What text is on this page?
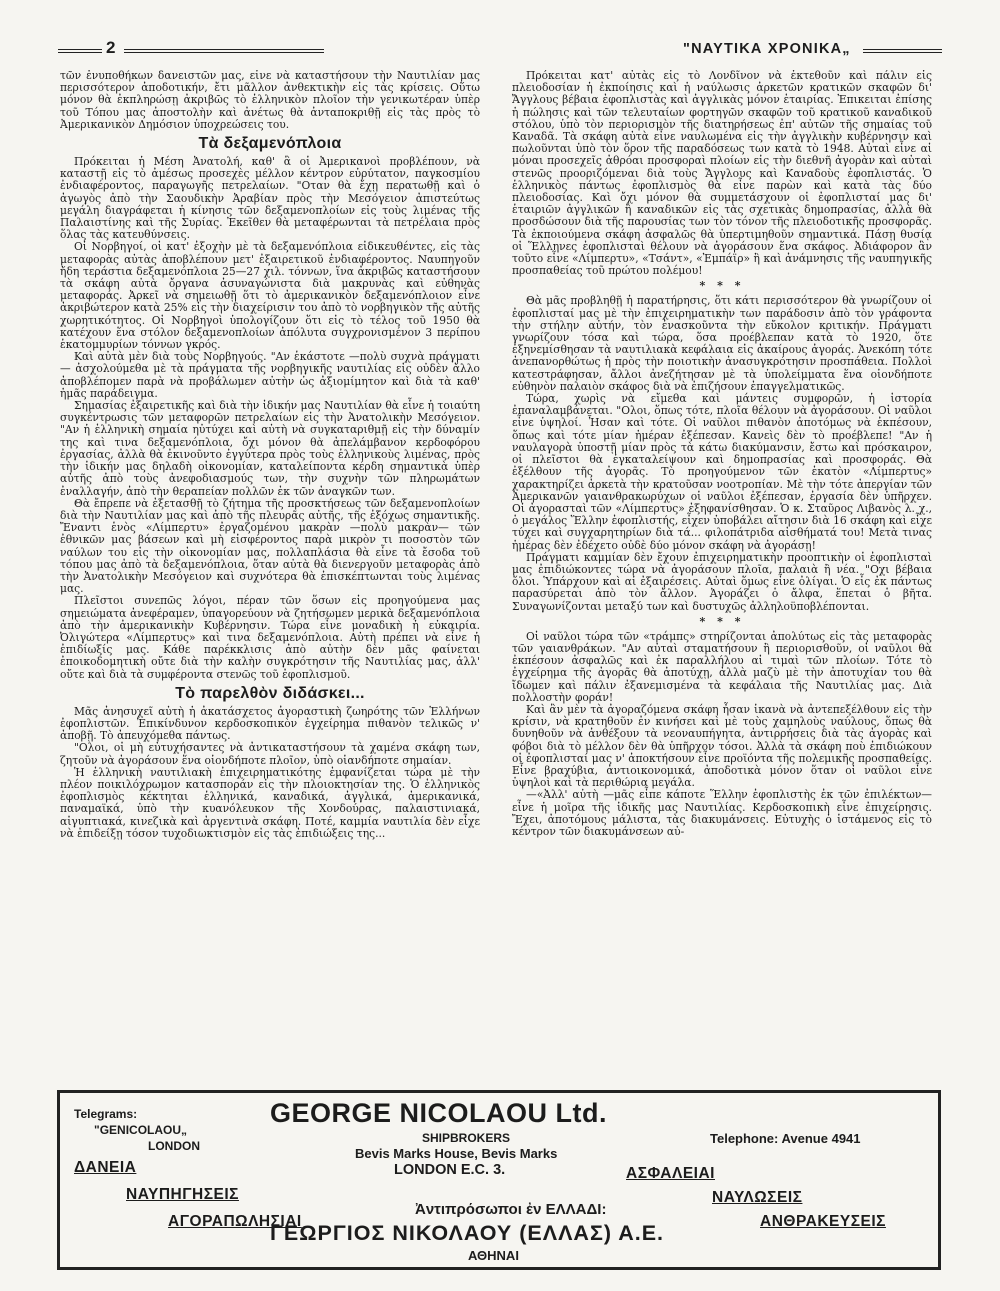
2	"ΝΑΥΤΙΚΑ ΧΡΟΝΙΚΑ„

τῶν ἐνυποθήκων δανειστῶν μας, εἶνε νὰ καταστήσουν τὴν Ναυτιλίαν μας περισσότερον ἀποδοτικήν, ἔτι μᾶλλον ἀνθεκτικὴν εἰς τὰς κρίσεις. Οὕτω μόνον θὰ ἐκπληρώσῃ ἀκριβῶς τὸ ἑλληνικὸν πλοῖον τὴν γενικωτέραν ὑπὲρ τοῦ Τόπου μας ἀποστολὴν καὶ ἀνέτως θὰ ἀνταποκριθῇ εἰς τὰς πρὸς τὸ Ἀμερικανικὸν Δημόσιον ὑποχρεώσεις του.

Τὰ δεξαμενόπλοια

Πρόκειται ἡ Μέση Ἀνατολή, καθ' ἃ οἱ Ἀμερικανοὶ προβλέπουν, νὰ καταστῇ εἰς τὸ ἀμέσως προσεχὲς μέλλον κέντρον εὐρύτατον, παγκοσμίου ἐνδιαφέροντος, παραγωγῆς πετρελαίων. "Οταν θὰ ἔχῃ περατωθῇ καὶ ὁ ἀγωγὸς ἀπὸ τὴν Σαουδικὴν Ἀραβίαν πρὸς τὴν Μεσόγειον ἀπιστεύτως μεγάλη διαγράφεται ἡ κίνησις τῶν δεξαμενοπλοίων εἰς τοὺς λιμένας τῆς Παλαιστίνης καὶ τῆς Συρίας. Ἐκεῖθεν θὰ μεταφέρωνται τὰ πετρέλαια πρὸς ὅλας τὰς κατευθύνσεις.

Οἱ Νορβηγοί, οἱ κατ' ἐξοχὴν μὲ τὰ δεξαμενόπλοια εἰδικευθέντες, εἰς τὰς μεταφορὰς αὐτὰς ἀποβλέπουν μετ' ἐξαιρετικοῦ ἐνδιαφέροντος. Ναυπηγοῦν ἤδη τεράστια δεξαμενόπλοια 25—27 χιλ. τόννων, ἵνα ἀκριβῶς καταστήσουν τὰ σκάφη αὐτὰ ὄργανα ἀσυναγώνιστα διὰ μακρυνὰς καὶ εὐθηνὰς μεταφοράς. Ἀρκεῖ νὰ σημειωθῇ ὅτι τὸ ἀμερικανικὸν δεξαμενόπλοιον εἶνε ἀκριβώτερον κατὰ 25% εἰς τὴν διαχείρισιν του ἀπὸ τὸ νορβηγικὸν τῆς αὐτῆς χωρητικότητος. Οἱ Νορβηγοὶ ὑπολογίζουν ὅτι εἰς τὸ τέλος τοῦ 1950 θὰ κατέχουν ἕνα στόλον δεξαμενοπλοίων ἀπόλυτα συγχρονισμένον 3 περίπου ἑκατομμυρίων τόννων γκρός.

Καὶ αὐτὰ μὲν διὰ τοὺς Νορβηγούς. "Αν ἑκάστοτε —πολὺ συχνὰ πράγματι— ἀσχολούμεθα μὲ τὰ πράγματα τῆς νορβηγικῆς ναυτιλίας εἰς οὐδὲν ἄλλο ἀποβλέπομεν παρὰ νὰ προβάλωμεν αὐτὴν ὡς ἀξιομίμητον καὶ διὰ τὰ καθ' ἡμᾶς παράδειγμα.

Σημασίας ἐξαιρετικῆς καὶ διὰ τὴν ἰδικήν μας Ναυτιλίαν θὰ εἶνε ἡ τοιαύτη συγκέντρωσις τῶν μεταφορῶν πετρελαίων εἰς τὴν Ἀνατολικὴν Μεσόγειον. "Αν ἡ ἑλληνικὴ σημαία ηὐτύχει καὶ αὐτὴ νὰ συγκαταριθμῇ εἰς τὴν δύναμίν της καὶ τινα δεξαμενόπλοια, ὄχι μόνον θὰ ἀπελάμβανον κερδοφόρου ἐργασίας, ἀλλὰ θὰ ἐκινοῦντο ἐγγύτερα πρὸς τοὺς ἑλληνικοὺς λιμένας, πρὸς τὴν ἰδικήν μας δηλαδὴ οἰκονομίαν, καταλείποντα κέρδη σημαντικὰ ὑπὲρ αὐτῆς ἀπὸ τοὺς ἀνεφοδιασμούς των, τὴν συχνὴν τῶν πληρωμάτων ἐναλλαγήν, ἀπὸ τὴν θεραπείαν πολλῶν ἐκ τῶν ἀναγκῶν των.

Θὰ ἔπρεπε νὰ ἐξετασθῇ τὸ ζήτημα τῆς προσκτήσεως τῶν δεξαμενοπλοίων διὰ τὴν Ναυτιλίαν μας καὶ ἀπὸ τῆς πλευρᾶς αὐτῆς, τῆς ἐξόχως σημαντικῆς. Ἔναντι ἑνὸς «Λίμπερτυ» ἐργαζομένου μακρὰν —πολὺ μακρὰν— τῶν ἐθνικῶν μας βάσεων καὶ μὴ εἰσφέροντος παρὰ μικρὸν τι ποσοστὸν τῶν ναύλων του εἰς τὴν οἰκονομίαν μας, πολλαπλάσια θὰ εἶνε τὰ ἔσοδα τοῦ τόπου μας ἀπὸ τὰ δεξαμενόπλοια, ὅταν αὐτὰ θὰ διενεργοῦν μεταφορὰς ἀπὸ τὴν Ἀνατολικὴν Μεσόγειον καὶ συχνότερα θὰ ἐπισκέπτωνται τοὺς λιμένας μας.

Πλεῖστοι συνεπῶς λόγοι, πέραν τῶν ὅσων εἰς προηγούμενα μας σημειώματα ἀνεφέραμεν, ὑπαγορεύουν νὰ ζητήσωμεν μερικὰ δεξαμενόπλοια ἀπὸ τὴν ἀμερικανικὴν Κυβέρνησιν. Τώρα εἶνε μοναδικὴ ἡ εὐκαιρία. Ὀλιγώτερα «Λίμπερτυς» καὶ τινα δεξαμενόπλοια. Αὐτὴ πρέπει νὰ εἶνε ἡ ἐπιδίωξίς μας. Κάθε παρέκκλισις ἀπὸ αὐτὴν δὲν μᾶς φαίνεται ἐποικοδομητικὴ οὔτε διὰ τὴν καλὴν συγκρότησιν τῆς Ναυτιλίας μας, ἀλλ' οὔτε καὶ διὰ τὰ συμφέροντα στενῶς τοῦ ἐφοπλισμοῦ.

Τὸ παρελθὸν διδάσκει...

Μᾶς ἀνησυχεῖ αὐτὴ ἡ ἀκατάσχετος ἀγοραστικὴ ζωηρότης τῶν Ἑλλήνων ἐφοπλιστῶν. Ἐπικίνδυνον κερδοσκοπικὸν ἐγχείρημα πιθανὸν τελικῶς ν' ἀποβῇ. Τὸ ἀπευχόμεθα πάντως.

"Ολοι, οἱ μὴ εὐτυχήσαντες νὰ ἀντικαταστήσουν τὰ χαμένα σκάφη των, ζητοῦν νὰ ἀγοράσουν ἕνα οἱονδήποτε πλοῖον, ὑπὸ οἱανδήποτε σημαίαν.

Ἡ ἑλληνικὴ ναυτιλιακὴ ἐπιχειρηματικότης ἐμφανίζεται τώρα μὲ τὴν πλέον ποικιλόχρωμον κατασποράν εἰς τὴν πλοιοκτησίαν της. Ὁ ἑλληνικὸς ἐφοπλισμὸς κέκτηται ἑλληνικά, καναδικά, ἀγγλικά, ἀμερικανικά, παναμαϊκά, ὑπὸ τὴν κυανόλευκον τῆς Χονδούρας, παλαιστινιακά, αἰγυπτιακά, κινεζικὰ καὶ ἀργεντινὰ σκάφη. Ποτέ, καμμία ναυτιλία δὲν εἶχε νὰ ἐπιδείξῃ τόσον τυχοδιωκτισμὸν εἰς τὰς ἐπιδιώξεις της...

Πρόκειται κατ' αὐτὰς εἰς τὸ Λονδῖνον νὰ ἐκτεθοῦν καὶ πάλιν εἰς πλειοδοσίαν ἡ ἐκποίησις καὶ ἡ ναύλωσις ἀρκετῶν κρατικῶν σκαφῶν δι' Ἄγγλους βέβαια ἐφοπλιστὰς καὶ ἀγγλικὰς μόνον ἑταιρίας. Ἐπικειται ἐπίσης ἡ πώλησις καὶ τῶν τελευταίων φορτηγῶν σκαφῶν τοῦ κρατικοῦ καναδικοῦ στόλου, ὑπὸ τὸν περιορισμὸν τῆς διατηρήσεως ἐπ' αὐτῶν τῆς σημαίας τοῦ Καναδᾶ. Τὰ σκάφη αὐτὰ εἶνε ναυλωμένα εἰς τὴν ἀγγλικὴν κυβέρνησιν καὶ πωλοῦνται ὑπὸ τὸν ὅρον τῆς παραδόσεως των κατὰ τὸ 1948. Αὐταὶ εἶνε αἱ μόναι προσεχεῖς ἀθρόαι προσφοραὶ πλοίων εἰς τὴν διεθνῆ ἀγορὰν καὶ αὐταὶ στενῶς προοριζόμεναι διὰ τοὺς Ἄγγλους καὶ Καναδοὺς ἐφοπλιστάς. Ὁ ἑλληνικὸς πάντως ἐφοπλισμὸς θὰ εἶνε παρὼν καὶ κατὰ τὰς δύο πλειοδοσίας. Καὶ ὄχι μόνον θὰ συμμετάσχουν οἱ ἐφοπλισταί μας δι' ἑταιριῶν ἀγγλικῶν ἢ καναδικῶν εἰς τὰς σχετικὰς δημοπρασίας, ἀλλὰ θὰ προσδώσουν διὰ τῆς παρουσίας των τὸν τόνον τῆς πλειοδοτικῆς προσφορᾶς. Τὰ ἐκποιούμενα σκάφη ἀσφαλῶς θὰ ὑπερτιμηθοῦν σημαντικά. Πάσῃ θυσίᾳ οἱ Ἕλληνες ἐφοπλισταὶ θέλουν νὰ ἀγοράσουν ἕνα σκάφος. Ἀδιάφορον ἂν τοῦτο εἶνε «Λίμπερτυ», «Τσάντ», «Ἐμπάϊρ» ἢ καὶ ἀνάμνησις τῆς ναυπηγικῆς προσπαθείας τοῦ πρώτου πολέμου!

* * *

Θὰ μᾶς προβληθῇ ἡ παρατήρησις, ὅτι κάτι περισσότερον θὰ γνωρίζουν οἱ ἐφοπλισταί μας μὲ τὴν ἐπιχειρηματικὴν των παράδοσιν ἀπὸ τὸν γράφοντα τὴν στήλην αὐτήν, τὸν ἐνασκοῦντα τὴν εὔκολον κριτικήν. Πράγματι γνωρίζουν τόσα καὶ τώρα, ὅσα προέβλεπαν κατὰ τὸ 1920, ὅτε ἐξηνεμίσθησαν τὰ ναυτιλιακὰ κεφάλαια εἰς ἀκαίρους ἀγοράς. Ἀνεκόπη τότε ἀνεπανορθώτως ἡ πρὸς τὴν ποιοτικὴν ἀνασυγκρότησιν προσπάθεια. Πολλοὶ κατεστράφησαν, ἄλλοι ἀνεζήτησαν μὲ τὰ ὑπολείμματα ἕνα οἱονδήποτε εὐθηνὸν παλαιὸν σκάφος διὰ νὰ ἐπιζήσουν ἐπαγγελματικῶς.

Τώρα, χωρὶς νὰ εἴμεθα καὶ μάντεις συμφορῶν, ἡ ἱστορία ἐπαναλαμβάνεται. "Ολοι, ὅπως τότε, πλοῖα θέλουν νὰ ἀγοράσουν. Οἱ ναῦλοι εἶνε ὑψηλοί. Ἦσαν καὶ τότε. Οἱ ναῦλοι πιθανὸν ἀποτόμως νὰ ἐκπέσουν, ὅπως καὶ τότε μίαν ἡμέραν ἐξέπεσαν. Κανεὶς δὲν τὸ προέβλεπε! "Αν ἡ ναυλαγορὰ ὑποστῇ μίαν πρὸς τὰ κάτω διακύμανσιν, ἔστω καὶ πρόσκαιρον, οἱ πλεῖστοι θὰ ἐγκαταλείψουν καὶ δημοπρασίας καὶ προσφοράς. Θὰ ἐξέλθουν τῆς ἀγορᾶς. Τὸ προηγούμενον τῶν ἑκατὸν «Λίμπερτυς» χαρακτηρίζει ἀρκετὰ τὴν κρατοῦσαν νοοτροπίαν. Μὲ τὴν τότε ἀπεργίαν τῶν Ἀμερικανῶν γαιανθρακωρύχων οἱ ναῦλοι ἐξέπεσαν, ἐργασία δὲν ὑπῆρχεν. Οἱ ἀγορασταὶ τῶν «Λίμπερτυς» ἐξηφανίσθησαν. Ὁ κ. Σταῦρος Λιβανὸς λ. χ., ὁ μεγάλος Ἕλλην ἐφοπλιστής, εἶχεν ὑποβάλει αἴτησιν διὰ 16 σκάφη καὶ εἶχε τύχει καὶ συγχαρητηρίων διὰ τά... φιλοπάτριδα αἰσθήματά του! Μετὰ τινας ἡμέρας δὲν ἐδέχετο οὐδὲ δύο μόνον σκάφη νὰ ἀγοράσῃ!

Πράγματι καμμίαν δὲν ἔχουν ἐπιχειρηματικὴν προοπτικὴν οἱ ἐφοπλισταὶ μας ἐπιδιώκοντες τώρα νὰ ἀγοράσουν πλοῖα, παλαιὰ ἢ νέα. "Οχι βέβαια ὅλοι. Ὑπάρχουν καὶ αἱ ἐξαιρέσεις. Αὐταὶ ὅμως εἶνε ὀλίγαι. Ὁ εἷς ἐκ πάντως παρασύρεται ἀπὸ τὸν ἄλλον. Ἀγοράζει ὁ ἄλφα, ἕπεται ὁ βῆτα. Συναγωνίζονται μεταξύ των καὶ δυστυχῶς ἀλληλοϋποβλέπονται.

* * *

Οἱ ναῦλοι τώρα τῶν «τράμπς» στηρίζονται ἀπολύτως εἰς τὰς μεταφορὰς τῶν γαιανθράκων. "Αν αὐταὶ σταματήσουν ἢ περιορισθοῦν, οἱ ναῦλοι θὰ ἐκπέσουν ἀσφαλῶς καὶ ἐκ παραλλήλου αἱ τιμαὶ τῶν πλοίων. Τότε τὸ ἐγχείρημα τῆς ἀγορᾶς θὰ ἀποτύχῃ, ἀλλὰ μαζὺ μὲ τὴν ἀποτυχίαν του θὰ ἴδωμεν καὶ πάλιν ἐξανεμισμένα τὰ κεφάλαια τῆς Ναυτιλίας μας. Διὰ πολλοστὴν φοράν!

Καὶ ἂν μὲν τὰ ἀγοραζόμενα σκάφη ἦσαν ἱκανὰ νὰ ἀντεπεξέλθουν εἰς τὴν κρίσιν, νὰ κρατηθοῦν ἐν κινήσει καὶ μὲ τοὺς χαμηλοὺς ναύλους, ὅπως θὰ δυνηθοῦν νὰ ἀνθέξουν τὰ νεοναυπήγητα, ἀντιρρήσεις διὰ τὰς ἀγορὰς καὶ φόβοι διὰ τὸ μέλλον δὲν θὰ ὑπῆρχον τόσοι. Ἀλλὰ τὰ σκάφη ποὺ ἐπιδιώκουν οἱ ἐφοπλισταί μας ν' ἀποκτήσουν εἶνε προϊόντα τῆς πολεμικῆς προσπαθείας. Εἶνε βραχύβια, ἀντιοικονομικά, ἀποδοτικὰ μόνον ὅταν οἱ ναῦλοι εἶνε ὑψηλοὶ καὶ τὰ περιθώρια μεγάλα.

—«Ἀλλ' αὐτὴ —μᾶς εἶπε κάποτε Ἕλλην ἐφοπλιστὴς ἐκ τῶν ἐπιλέκτων— εἶνε ἡ μοῖρα τῆς ἰδικῆς μας Ναυτιλίας. Κερδοσκοπικὴ εἶνε ἐπιχείρησις. Ἔχει, ἀποτόμους μάλιστα, τὰς διακυμάνσεις. Εὐτυχὴς ὁ ἱστάμενος εἰς τὸ κέντρον τῶν διακυμάνσεων αὐ-

Telegrams:
"GENICOLAOU„
LONDON
GEORGE NICOLAOU Ltd.
SHIPBROKERS
Bevis Marks House, Bevis Marks
LONDON E.C. 3.
Telephone: Avenue 4941
ΔΑΝΕΙΑ
ΝΑΥΠΗΓΗΣΕΙΣ
ΑΓΟΡΑΠΩΛΗΣΙΑΙ
ΑΣΦΑΛΕΙΑΙ
ΝΑΥΛΩΣΕΙΣ
ΑΝΘΡΑΚΕΥΣΕΙΣ
Ἀντιπρόσωποι ἐν ΕΛΛΑΔΙ:
ΓΕΩΡΓΙΟΣ ΝΙΚΟΛΑΟΥ (ΕΛΛΑΣ) Α.Ε.
ΑΘΗΝΑΙ
